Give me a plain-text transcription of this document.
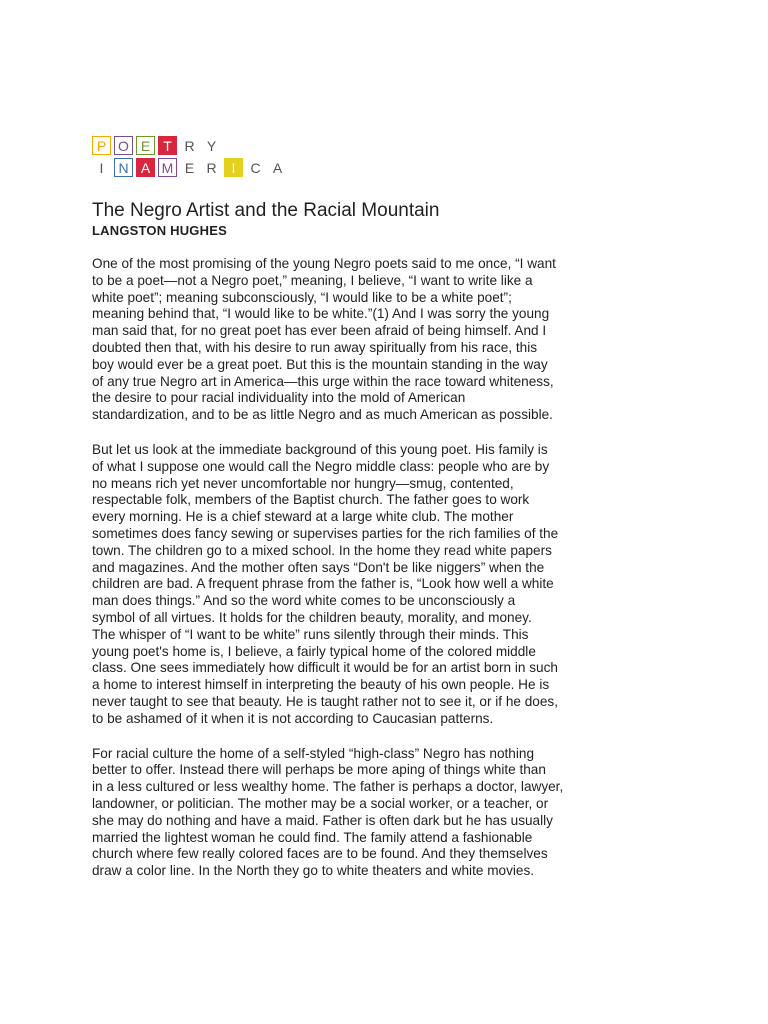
P O E T R Y
I	N A M E R	I	C A
The Negro Artist and the Racial Mountain
LANGSTON HUGHES

One of the most promising of the young Negro poets said to me once, “I want
to be a poet—not a Negro poet,” meaning, I believe, “I want to write like a
white poet”; meaning subconsciously, “I would like to be a white poet”;
meaning behind that, “I would like to be white.”(1) And I was sorry the young
man said that, for no great poet has ever been afraid of being himself. And I
doubted then that, with his desire to run away spiritually from his race, this
boy would ever be a great poet. But this is the mountain standing in the way
of any true Negro art in America—this urge within the race toward whiteness,
the desire to pour racial individuality into the mold of American
standardization, and to be as little Negro and as much American as possible.

But let us look at the immediate background of this young poet. His family is
of what I suppose one would call the Negro middle class: people who are by
no means rich yet never uncomfortable nor hungry—smug, contented,
respectable folk, members of the Baptist church. The father goes to work
every morning. He is a chief steward at a large white club. The mother
sometimes does fancy sewing or supervises parties for the rich families of the
town. The children go to a mixed school. In the home they read white papers
and magazines. And the mother often says “Don't be like niggers” when the
children are bad. A frequent phrase from the father is, “Look how well a white
man does things.” And so the word white comes to be unconsciously a
symbol of all virtues. It holds for the children beauty, morality, and money.
The whisper of “I want to be white” runs silently through their minds. This
young poet's home is, I believe, a fairly typical home of the colored middle
class. One sees immediately how difficult it would be for an artist born in such
a home to interest himself in interpreting the beauty of his own people. He is
never taught to see that beauty. He is taught rather not to see it, or if he does,
to be ashamed of it when it is not according to Caucasian patterns.

For racial culture the home of a self-styled “high-class” Negro has nothing
better to offer. Instead there will perhaps be more aping of things white than
in a less cultured or less wealthy home. The father is perhaps a doctor, lawyer,
landowner, or politician. The mother may be a social worker, or a teacher, or
she may do nothing and have a maid. Father is often dark but he has usually
married the lightest woman he could find. The family attend a fashionable
church where few really colored faces are to be found. And they themselves
draw a color line. In the North they go to white theaters and white movies.
